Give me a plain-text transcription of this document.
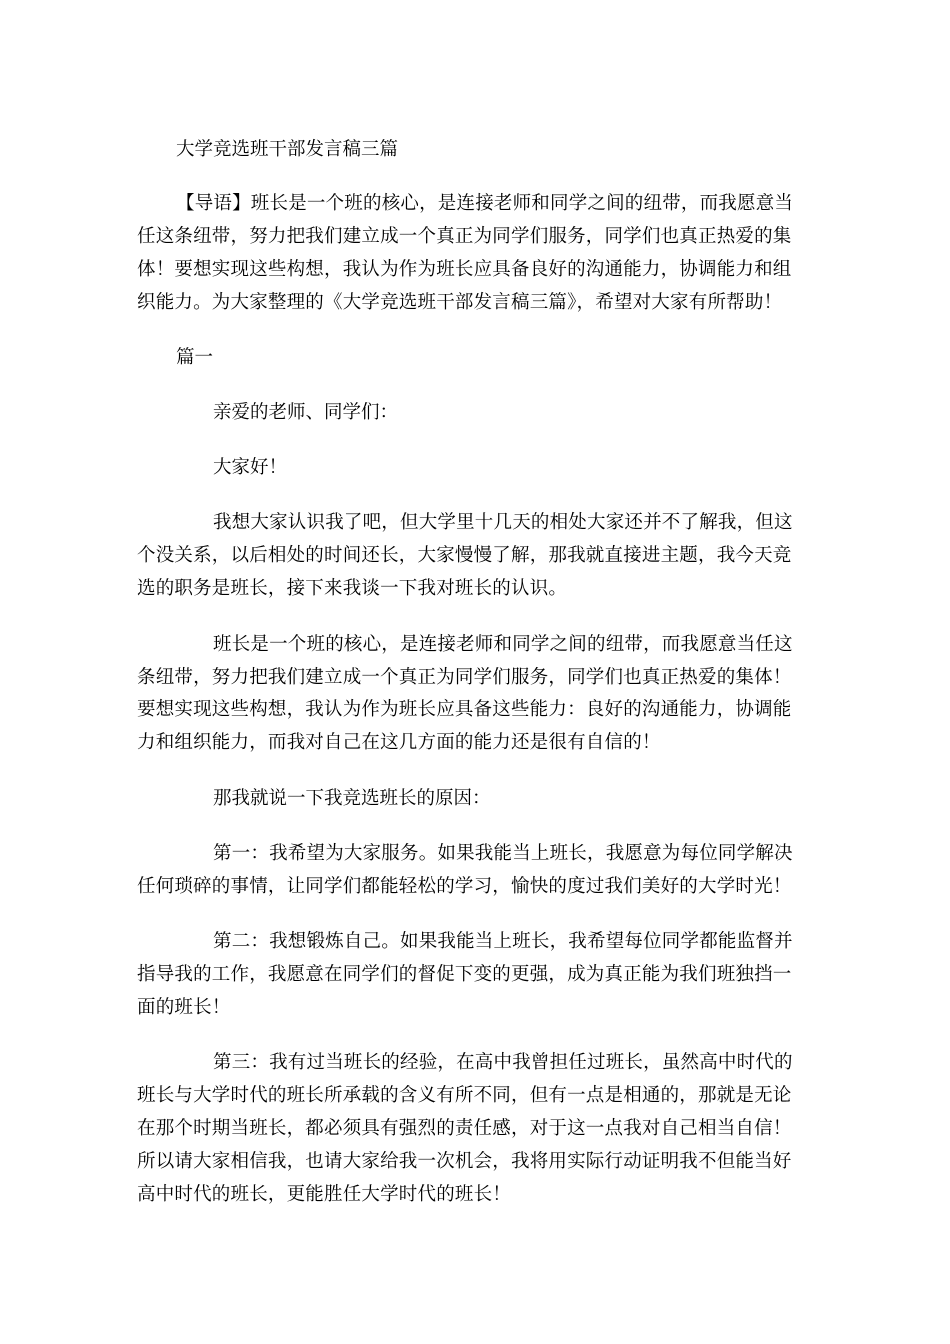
大学竞选班干部发言稿三篇
【导语】班长是一个班的核心，是连接老师和同学之间的纽带，而我愿意当
任这条纽带，努力把我们建立成一个真正为同学们服务，同学们也真正热爱的集
体！要想实现这些构想，我认为作为班长应具备良好的沟通能力，协调能力和组
织能力。为大家整理的《大学竞选班干部发言稿三篇》，希望对大家有所帮助！
篇一
亲爱的老师、同学们：
大家好！
我想大家认识我了吧，但大学里十几天的相处大家还并不了解我，但这
个没关系，以后相处的时间还长，大家慢慢了解，那我就直接进主题，我今天竞
选的职务是班长，接下来我谈一下我对班长的认识。
班长是一个班的核心，是连接老师和同学之间的纽带，而我愿意当任这
条纽带，努力把我们建立成一个真正为同学们服务，同学们也真正热爱的集体！
要想实现这些构想，我认为作为班长应具备这些能力：良好的沟通能力，协调能
力和组织能力，而我对自己在这几方面的能力还是很有自信的！
那我就说一下我竞选班长的原因：
第一：我希望为大家服务。如果我能当上班长，我愿意为每位同学解决
任何琐碎的事情，让同学们都能轻松的学习，愉快的度过我们美好的大学时光！
第二：我想锻炼自己。如果我能当上班长，我希望每位同学都能监督并
指导我的工作，我愿意在同学们的督促下变的更强，成为真正能为我们班独挡一
面的班长！
第三：我有过当班长的经验，在高中我曾担任过班长，虽然高中时代的
班长与大学时代的班长所承载的含义有所不同，但有一点是相通的，那就是无论
在那个时期当班长，都必须具有强烈的责任感，对于这一点我对自己相当自信！
所以请大家相信我，也请大家给我一次机会，我将用实际行动证明我不但能当好
高中时代的班长，更能胜任大学时代的班长！
